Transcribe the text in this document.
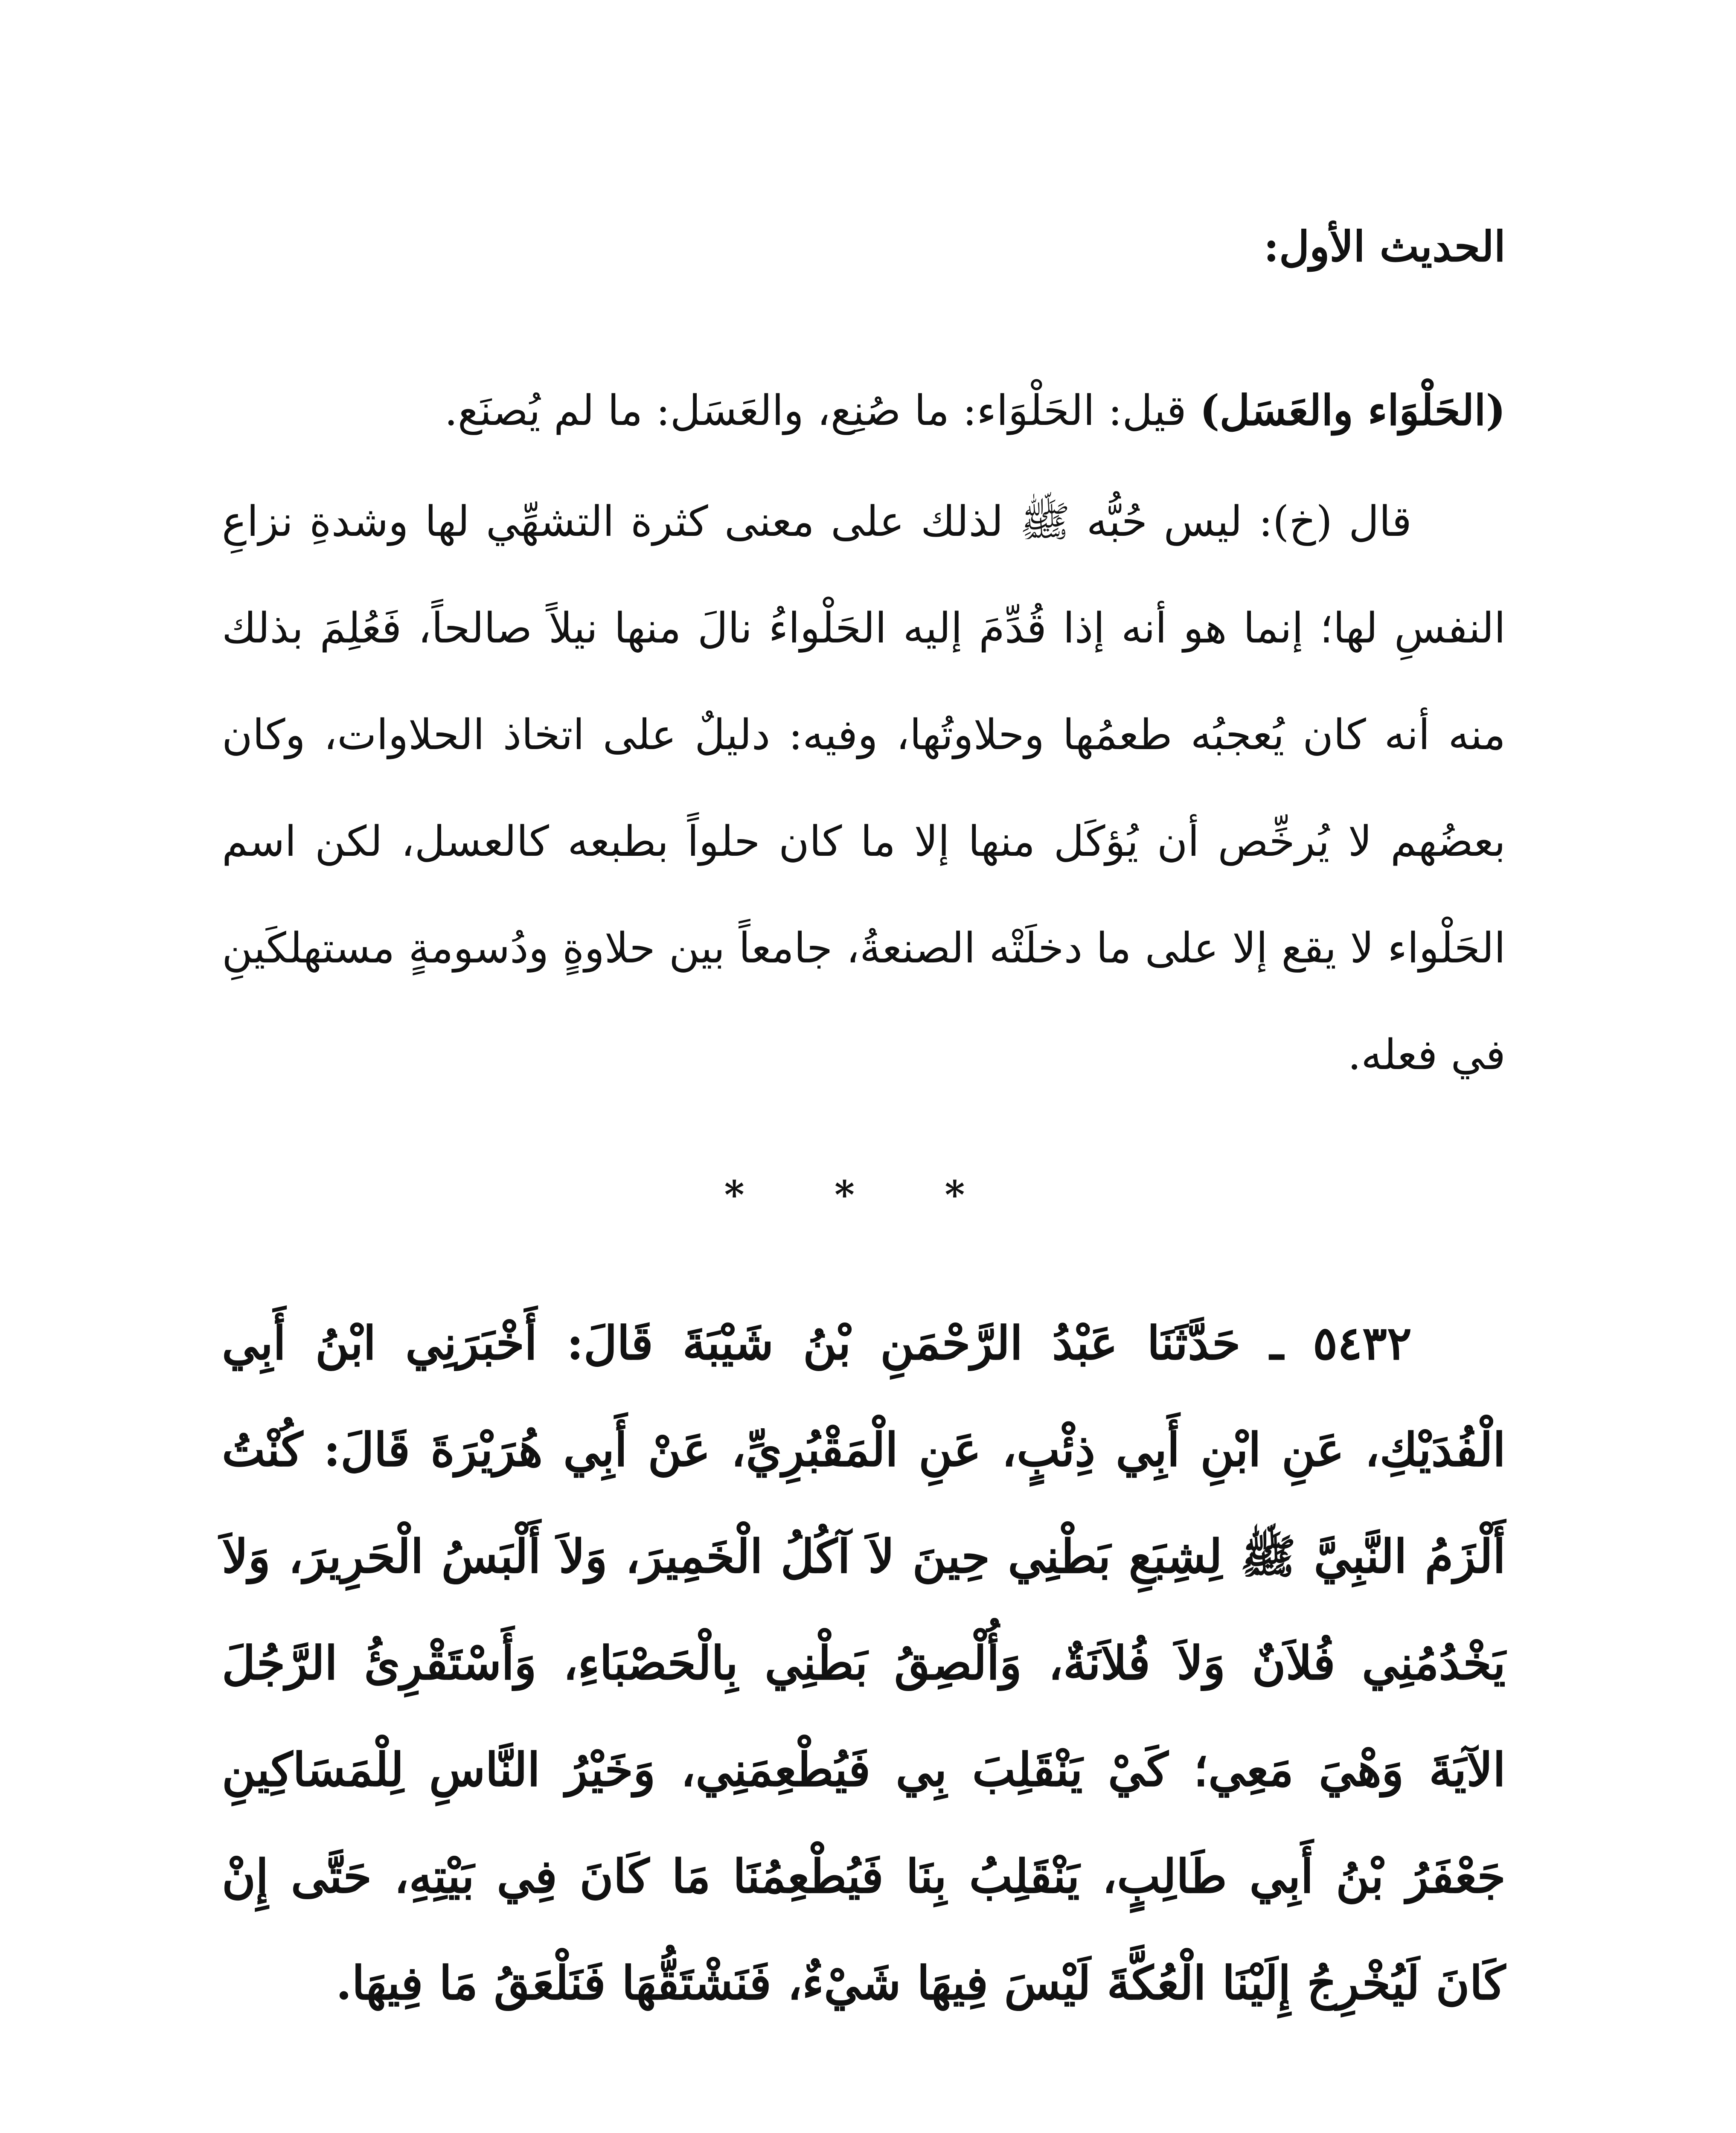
الحديث الأول:

(الحَلْوَاء والعَسَل) قيل: الحَلْوَاء: ما صُنِع، والعَسَل: ما لم يُصنَع.

قال (خ): ليس حُبُّه ﷺ لذلك على معنى كثرة التشهِّي لها وشدةِ نزاعِ النفسِ لها؛ إنما هو أنه إذا قُدِّمَ إليه الحَلْواءُ نالَ منها نيلاً صالحاً، فَعُلِمَ بذلك منه أنه كان يُعجبُه طعمُها وحلاوتُها، وفيه: دليلٌ على اتخاذ الحلاوات، وكان بعضُهم لا يُرخِّص أن يُؤكَل منها إلا ما كان حلواً بطبعه كالعسل، لكن اسم الحَلْواء لا يقع إلا على ما دخلَتْه الصنعةُ، جامعاً بين حلاوةٍ ودُسومةٍ مستهلكَينِ في فعله.

* * *

٥٤٣٢ ـ حَدَّثَنَا عَبْدُ الرَّحْمَنِ بْنُ شَيْبَةَ قَالَ: أَخْبَرَنِي ابْنُ أَبِي الْفُدَيْكِ، عَنِ ابْنِ أَبِي ذِئْبٍ، عَنِ الْمَقْبُرِيِّ، عَنْ أَبِي هُرَيْرَةَ قَالَ: كُنْتُ أَلْزَمُ النَّبِيَّ ﷺ لِشِبَعِ بَطْنِي حِينَ لاَ آكُلُ الْخَمِيرَ، وَلاَ أَلْبَسُ الْحَرِيرَ، وَلاَ يَخْدُمُنِي فُلاَنٌ وَلاَ فُلاَنَةٌ، وَأُلْصِقُ بَطْنِي بِالْحَصْبَاءِ، وَأَسْتَقْرِئُ الرَّجُلَ الآيَةَ وَهْيَ مَعِي؛ كَيْ يَنْقَلِبَ بِي فَيُطْعِمَنِي، وَخَيْرُ النَّاسِ لِلْمَسَاكِينِ جَعْفَرُ بْنُ أَبِي طَالِبٍ، يَنْقَلِبُ بِنَا فَيُطْعِمُنَا مَا كَانَ فِي بَيْتِهِ، حَتَّى إِنْ كَانَ لَيُخْرِجُ إِلَيْنَا الْعُكَّةَ لَيْسَ فِيهَا شَيْءٌ، فَنَشْتَقُّهَا فَنَلْعَقُ مَا فِيهَا.
